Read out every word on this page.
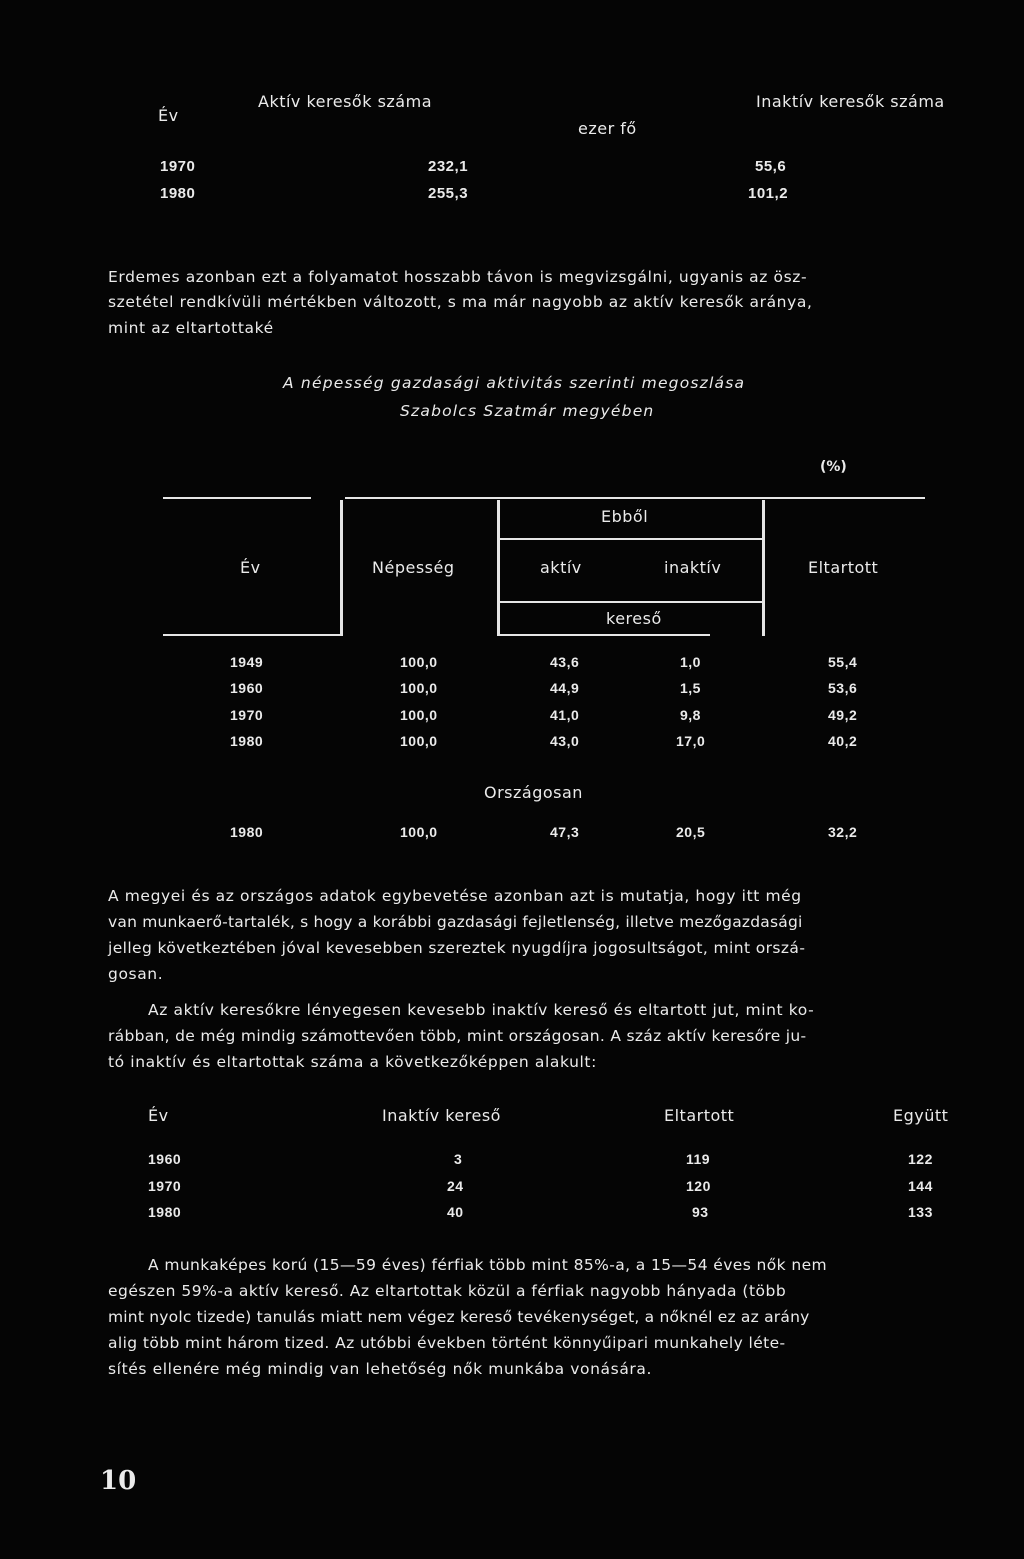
Év
Aktív keresők száma
ezer fő
Inaktív keresők száma
1970	232,1	55,6
1980	255,3	101,2
Erdemes azonban ezt a folyamatot hosszabb távon is megvizsgálni, ugyanis az ösz-
szetétel rendkívüli mértékben változott, s ma már nagyobb az aktív keresők aránya,
mint az eltartottaké
A népesség gazdasági aktivitás szerinti megoszlása
Szabolcs Szatmár megyében
(%)
Ebből
Év	Népesség	aktív	inaktív	Eltartott
kereső
1949	100,0	43,6	1,0	55,4
1960	100,0	44,9	1,5	53,6
1970	100,0	41,0	9,8	49,2
1980	100,0	43,0	17,0	40,2
Országosan
1980	100,0	47,3	20,5	32,2
A megyei és az országos adatok egybevetése azonban azt is mutatja, hogy itt még
van munkaerő-tartalék, s hogy a korábbi gazdasági fejletlenség, illetve mezőgazdasági
jelleg következtében jóval kevesebben szereztek nyugdíjra jogosultságot, mint orszá-
gosan.
Az aktív keresőkre lényegesen kevesebb inaktív kereső és eltartott jut, mint ko-
rábban, de még mindig számottevően több, mint országosan. A száz aktív keresőre ju-
tó inaktív és eltartottak száma a következőképpen alakult:
Év	Inaktív kereső	Eltartott	Együtt
1960	3	119	122
1970	24	120	144
1980	40	93	133
A munkaképes korú (15—59 éves) férfiak több mint 85%-a, a 15—54 éves nők nem
egészen 59%-a aktív kereső. Az eltartottak közül a férfiak nagyobb hányada (több
mint nyolc tizede) tanulás miatt nem végez kereső tevékenységet, a nőknél ez az arány
alig több mint három tized. Az utóbbi években történt könnyűipari munkahely léte-
sítés ellenére még mindig van lehetőség nők munkába vonására.
10
